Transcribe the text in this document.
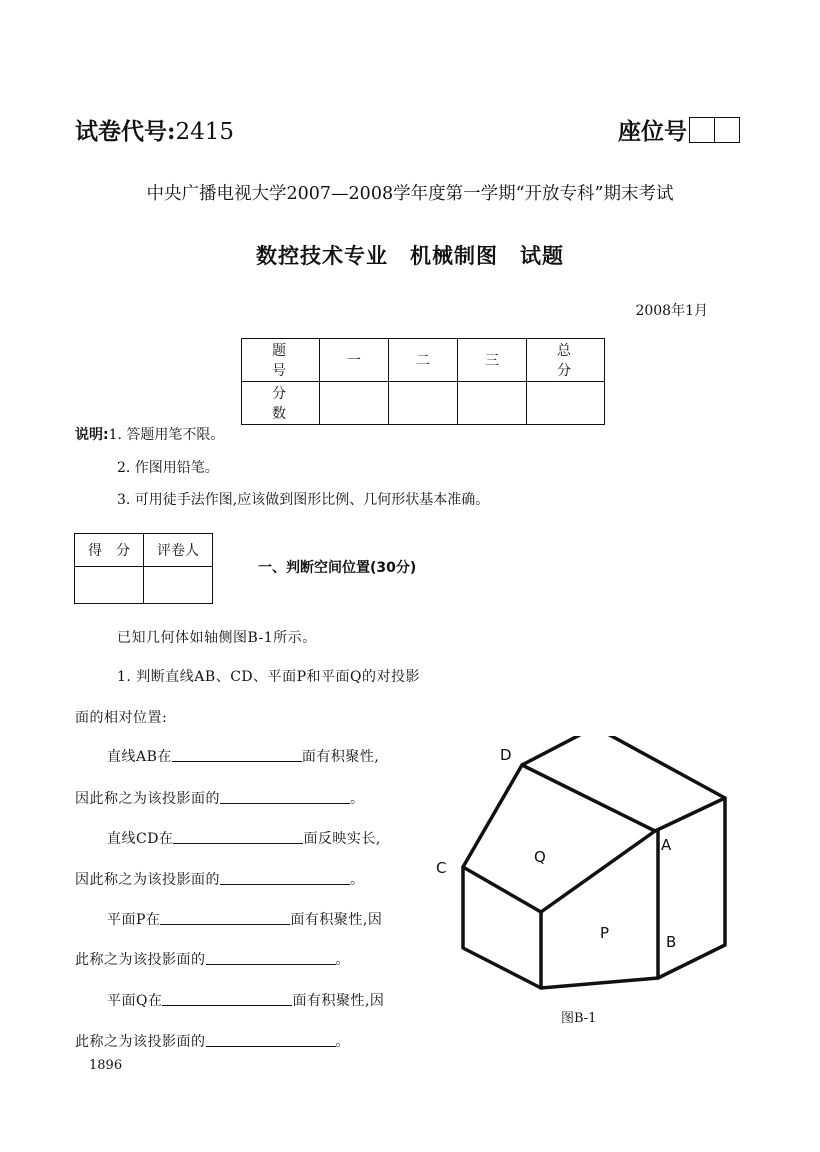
试卷代号:2415	座位号
中央广播电视大学2007—2008学年度第一学期“开放专科”期末考试
数控技术专业　机械制图　试题
2008年1月
题　号	一	二	三	总　分
分　数				
说明:1. 答题用笔不限。
2. 作图用铅笔。
3. 可用徒手法作图,应该做到图形比例、几何形状基本准确。
得　分	评卷人

一、判断空间位置(30分)
已知几何体如轴侧图B-1所示。
1. 判断直线AB、CD、平面P和平面Q的对投影
面的相对位置:
直线AB在	面有积聚性,
因此称之为该投影面的	。
直线CD在	面反映实长,
因此称之为该投影面的	。
平面P在	面有积聚性,因
此称之为该投影面的	。
平面Q在	面有积聚性,因
此称之为该投影面的	。
D
C
A
B
Q
P
图B-1
1896
